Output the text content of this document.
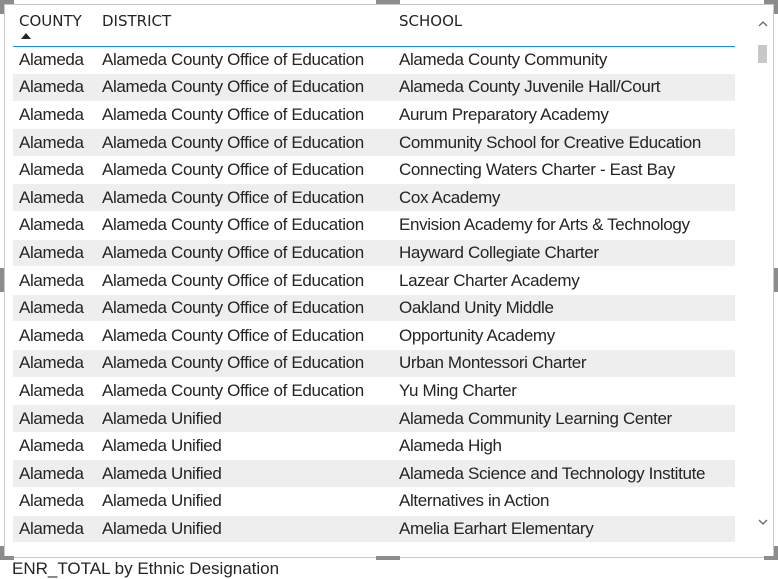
COUNTY	DISTRICT	SCHOOL
Alameda	Alameda County Office of Education	Alameda County Community
Alameda	Alameda County Office of Education	Alameda County Juvenile Hall/Court
Alameda	Alameda County Office of Education	Aurum Preparatory Academy
Alameda	Alameda County Office of Education	Community School for Creative Education
Alameda	Alameda County Office of Education	Connecting Waters Charter - East Bay
Alameda	Alameda County Office of Education	Cox Academy
Alameda	Alameda County Office of Education	Envision Academy for Arts & Technology
Alameda	Alameda County Office of Education	Hayward Collegiate Charter
Alameda	Alameda County Office of Education	Lazear Charter Academy
Alameda	Alameda County Office of Education	Oakland Unity Middle
Alameda	Alameda County Office of Education	Opportunity Academy
Alameda	Alameda County Office of Education	Urban Montessori Charter
Alameda	Alameda County Office of Education	Yu Ming Charter
Alameda	Alameda Unified	Alameda Community Learning Center
Alameda	Alameda Unified	Alameda High
Alameda	Alameda Unified	Alameda Science and Technology Institute
Alameda	Alameda Unified	Alternatives in Action
Alameda	Alameda Unified	Amelia Earhart Elementary
ENR_TOTAL by Ethnic Designation
